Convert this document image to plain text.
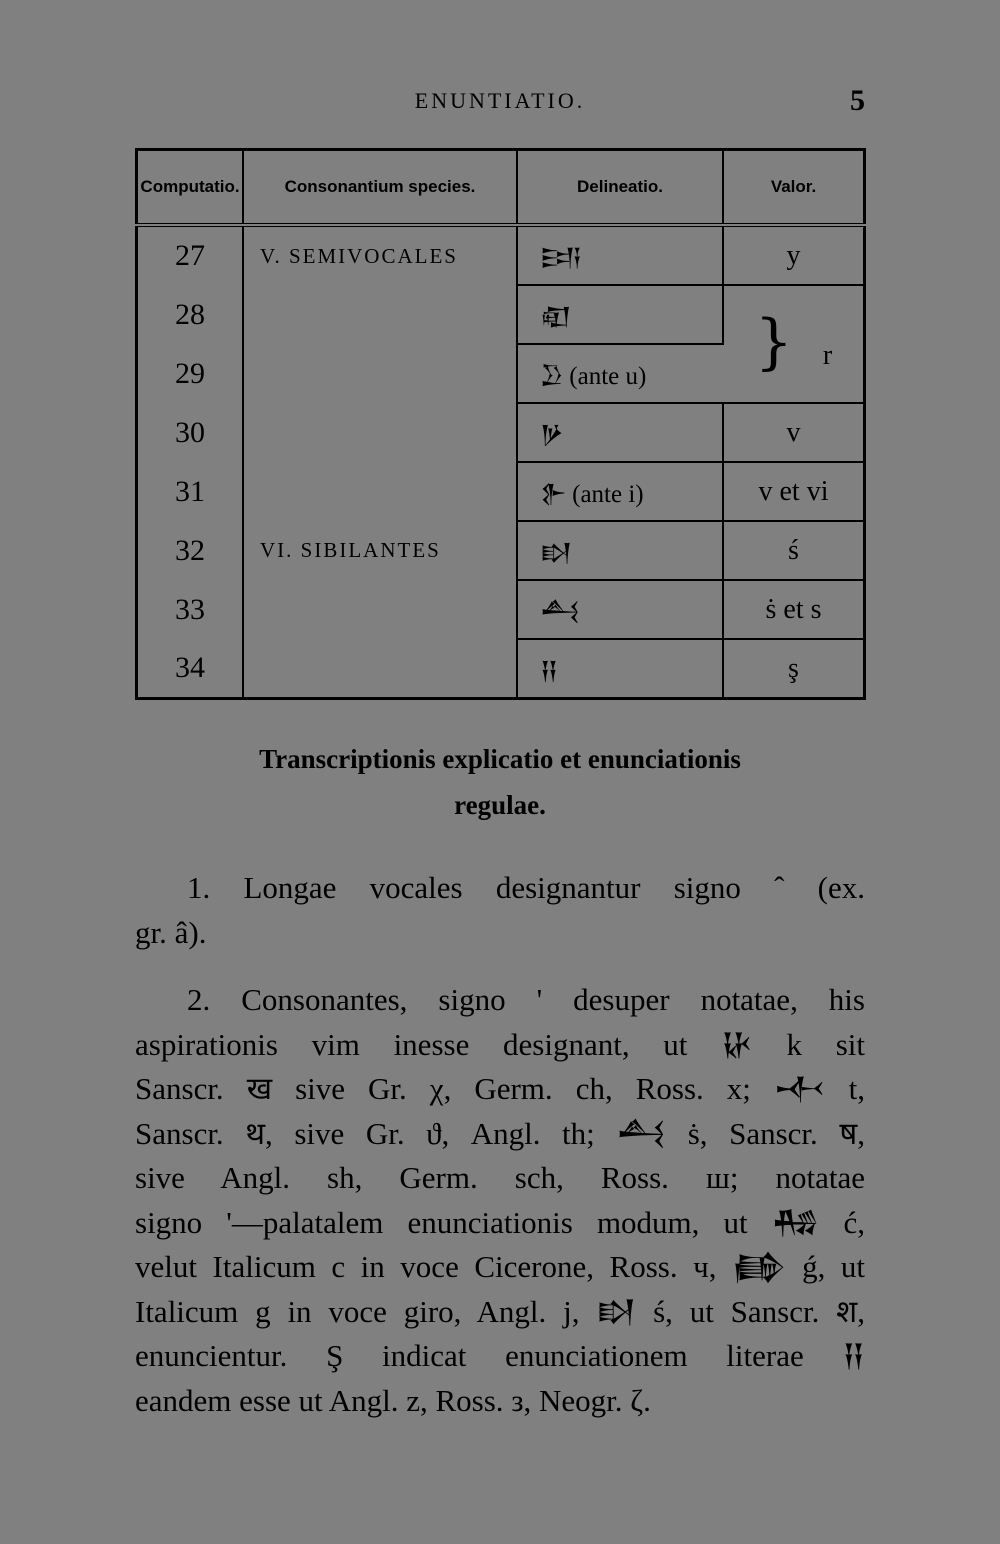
ENUNTIATIO.	5
Computatio.	Consonantium species.	Delineatio.	Valor.
27	V. SEMIVOCALES	𒅀	y
28		𒊏	} r
29		𒊒 (ante u)	
30		𒃻	v
31		𒉿 (ante i)	v et vi
32	VI. SIBILANTES	𒊭	ś
33		𒋀	ṡ et s
34		𒍝	ş
Transcriptionis explicatio et enunciationis
regulae.
1. Longae vocales designantur signo ˆ (ex.
gr. â).
2. Consonantes, signo ' desuper notatae, his
aspirationis vim inesse designant, ut 𒄩 k sit
Sanscr. ख sive Gr. χ, Germ. ch, Ross. x; 𒋾 t,
Sanscr. थ, sive Gr. ϑ, Angl. th; 𒋀 ṡ, Sanscr. ष,
sive Angl. sh, Germ. sch, Ross. ш; notatae
signo '—palatalem enunciationis modum, ut 𒄀 ć,
velut Italicum c in voce Cicerone, Ross. ч, 𒂵 ǵ, ut
Italicum g in voce giro, Angl. j, 𒊭 ś, ut Sanscr. श,
enuncientur. Ş indicat enunciationem literae 𒍝
eandem esse ut Angl. z, Ross. з, Neogr. ζ.
